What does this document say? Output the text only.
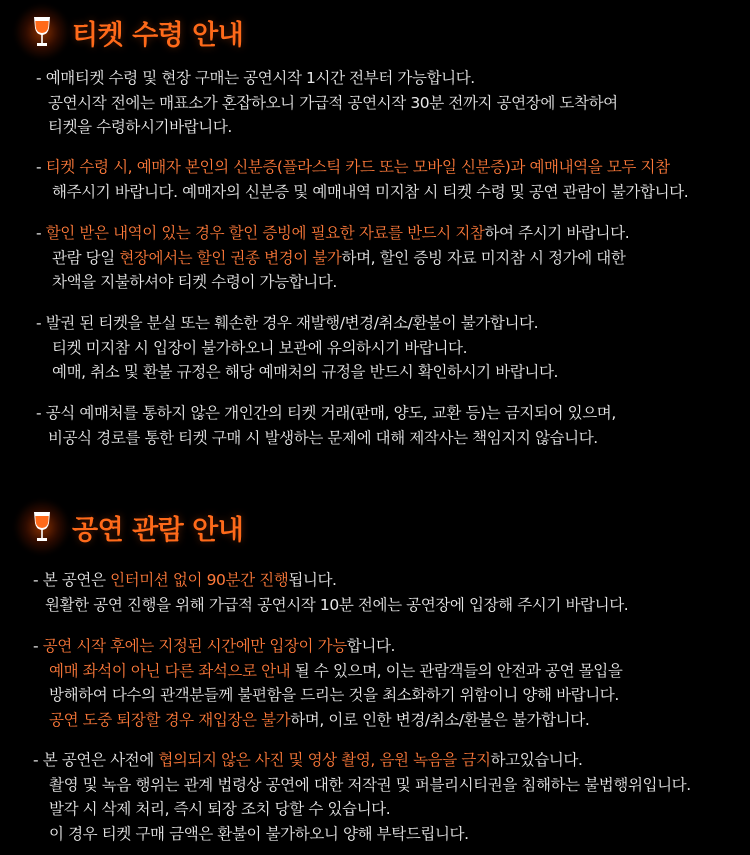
티켓 수령 안내
- 예매티켓 수령 및 현장 구매는 공연시작 1시간 전부터 가능합니다.
공연시작 전에는 매표소가 혼잡하오니 가급적 공연시작 30분 전까지 공연장에 도착하여
티켓을 수령하시기바랍니다.
- 티켓 수령 시, 예매자 본인의 신분증(플라스틱 카드 또는 모바일 신분증)과 예매내역을 모두 지참
해주시기 바랍니다. 예매자의 신분증 및 예매내역 미지참 시 티켓 수령 및 공연 관람이 불가합니다.
- 할인 받은 내역이 있는 경우 할인 증빙에 필요한 자료를 반드시 지참하여 주시기 바랍니다.
관람 당일 현장에서는 할인 권종 변경이 불가하며, 할인 증빙 자료 미지참 시 정가에 대한
차액을 지불하셔야 티켓 수령이 가능합니다.
- 발권 된 티켓을 분실 또는 훼손한 경우 재발행/변경/취소/환불이 불가합니다.
티켓 미지참 시 입장이 불가하오니 보관에 유의하시기 바랍니다.
예매, 취소 및 환불 규정은 해당 예매처의 규정을 반드시 확인하시기 바랍니다.
- 공식 예매처를 통하지 않은 개인간의 티켓 거래(판매, 양도, 교환 등)는 금지되어 있으며,
비공식 경로를 통한 티켓 구매 시 발생하는 문제에 대해 제작사는 책임지지 않습니다.
공연 관람 안내
- 본 공연은 인터미션 없이 90분간 진행됩니다.
원활한 공연 진행을 위해 가급적 공연시작 10분 전에는 공연장에 입장해 주시기 바랍니다.
- 공연 시작 후에는 지정된 시간에만 입장이 가능합니다.
예매 좌석이 아닌 다른 좌석으로 안내 될 수 있으며, 이는 관람객들의 안전과 공연 몰입을
방해하여 다수의 관객분들께 불편함을 드리는 것을 최소화하기 위함이니 양해 바랍니다.
공연 도중 퇴장할 경우 재입장은 불가하며, 이로 인한 변경/취소/환불은 불가합니다.
- 본 공연은 사전에 협의되지 않은 사진 및 영상 촬영, 음원 녹음을 금지하고있습니다.
촬영 및 녹음 행위는 관계 법령상 공연에 대한 저작권 및 퍼블리시티권을 침해하는 불법행위입니다.
발각 시 삭제 처리, 즉시 퇴장 조치 당할 수 있습니다.
이 경우 티켓 구매 금액은 환불이 불가하오니 양해 부탁드립니다.
